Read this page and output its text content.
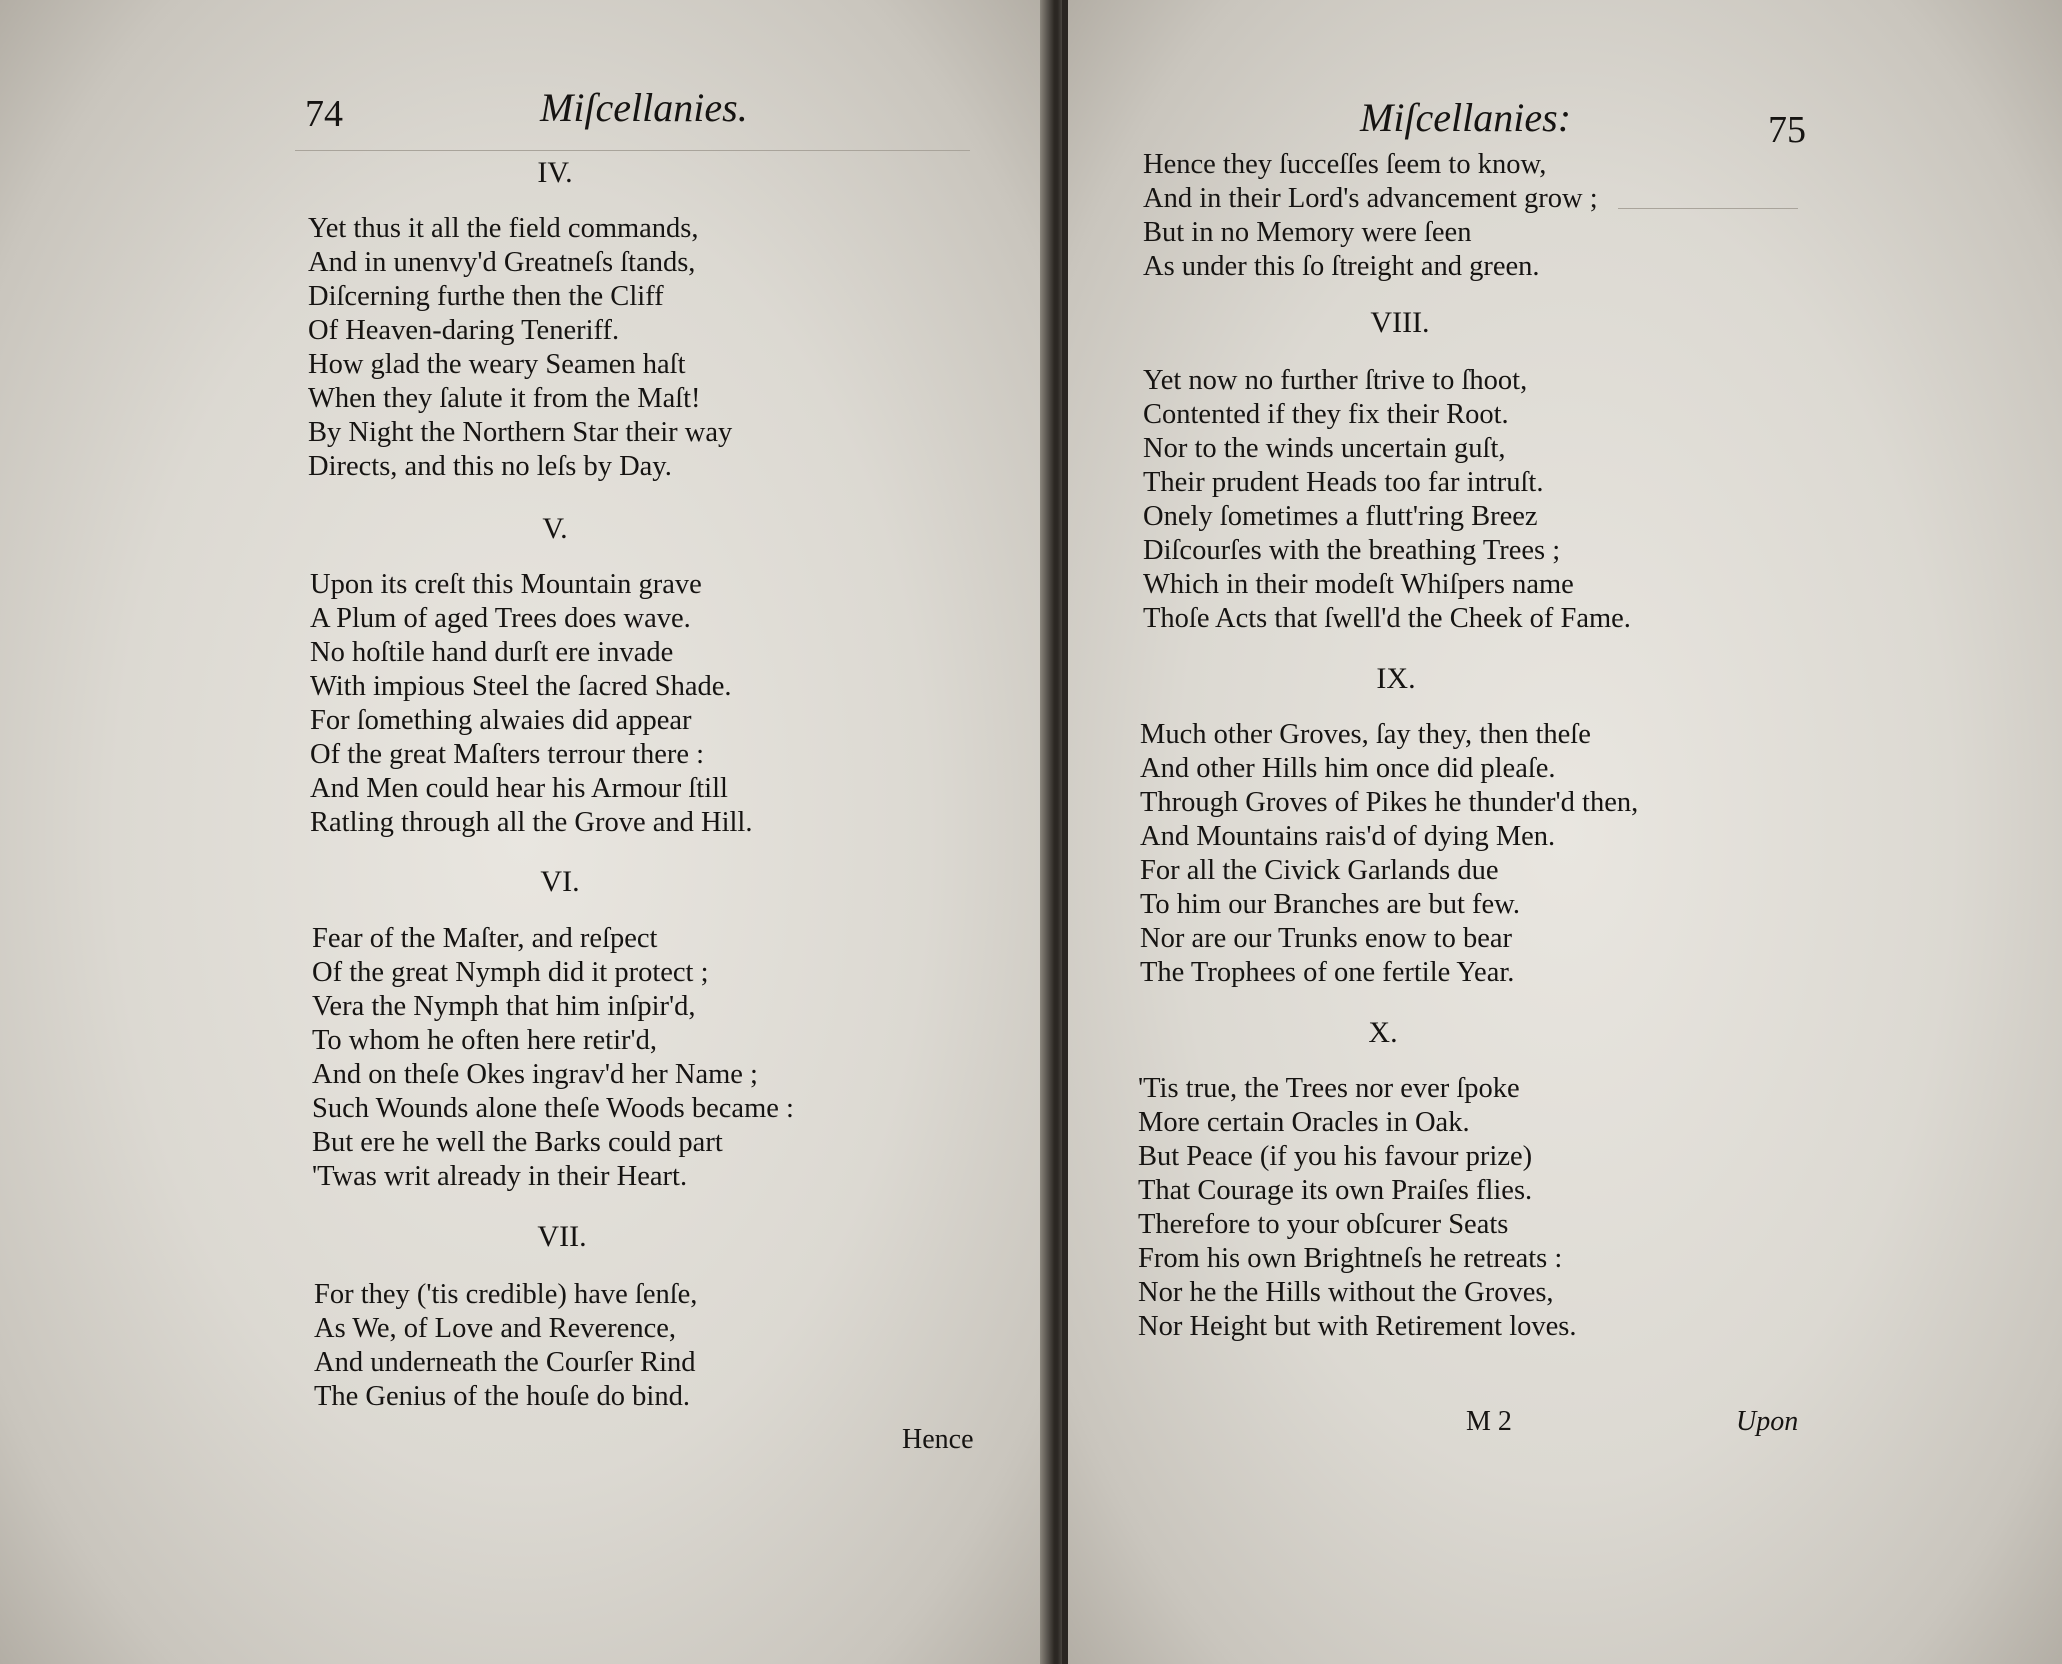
74	Miſcellanies.
IV.
Yet thus it all the field commands,
And in unenvy'd Greatneſs ſtands,
Diſcerning furthe then the Cliff
Of Heaven-daring Teneriff.
How glad the weary Seamen haſt
When they ſalute it from the Maſt!
By Night the Northern Star their way
Directs, and this no leſs by Day.
V.
Upon its creſt this Mountain grave
A Plum of aged Trees does wave.
No hoſtile hand durſt ere invade
With impious Steel the ſacred Shade.
For ſomething alwaies did appear
Of the great Maſters terrour there :
And Men could hear his Armour ſtill
Ratling through all the Grove and Hill.
VI.
Fear of the Maſter, and reſpect
Of the great Nymph did it protect ;
Vera the Nymph that him inſpir'd,
To whom he often here retir'd,
And on theſe Okes ingrav'd her Name ;
Such Wounds alone theſe Woods became :
But ere he well the Barks could part
'Twas writ already in their Heart.
VII.
For they ('tis credible) have ſenſe,
As We, of Love and Reverence,
And underneath the Courſer Rind
The Genius of the houſe do bind.
Hence
Miſcellanies:	75
Hence they ſucceſſes ſeem to know,
And in their Lord's advancement grow ;
But in no Memory were ſeen
As under this ſo ſtreight and green.
VIII.
Yet now no further ſtrive to ſhoot,
Contented if they fix their Root.
Nor to the winds uncertain guſt,
Their prudent Heads too far intruſt.
Onely ſometimes a flutt'ring Breez
Diſcourſes with the breathing Trees ;
Which in their modeſt Whiſpers name
Thoſe Acts that ſwell'd the Cheek of Fame.
IX.
Much other Groves, ſay they, then theſe
And other Hills him once did pleaſe.
Through Groves of Pikes he thunder'd then,
And Mountains rais'd of dying Men.
For all the Civick Garlands due
To him our Branches are but few.
Nor are our Trunks enow to bear
The Trophees of one fertile Year.
X.
'Tis true, the Trees nor ever ſpoke
More certain Oracles in Oak.
But Peace (if you his favour prize)
That Courage its own Praiſes flies.
Therefore to your obſcurer Seats
From his own Brightneſs he retreats :
Nor he the Hills without the Groves,
Nor Height but with Retirement loves.
M 2	Upon
